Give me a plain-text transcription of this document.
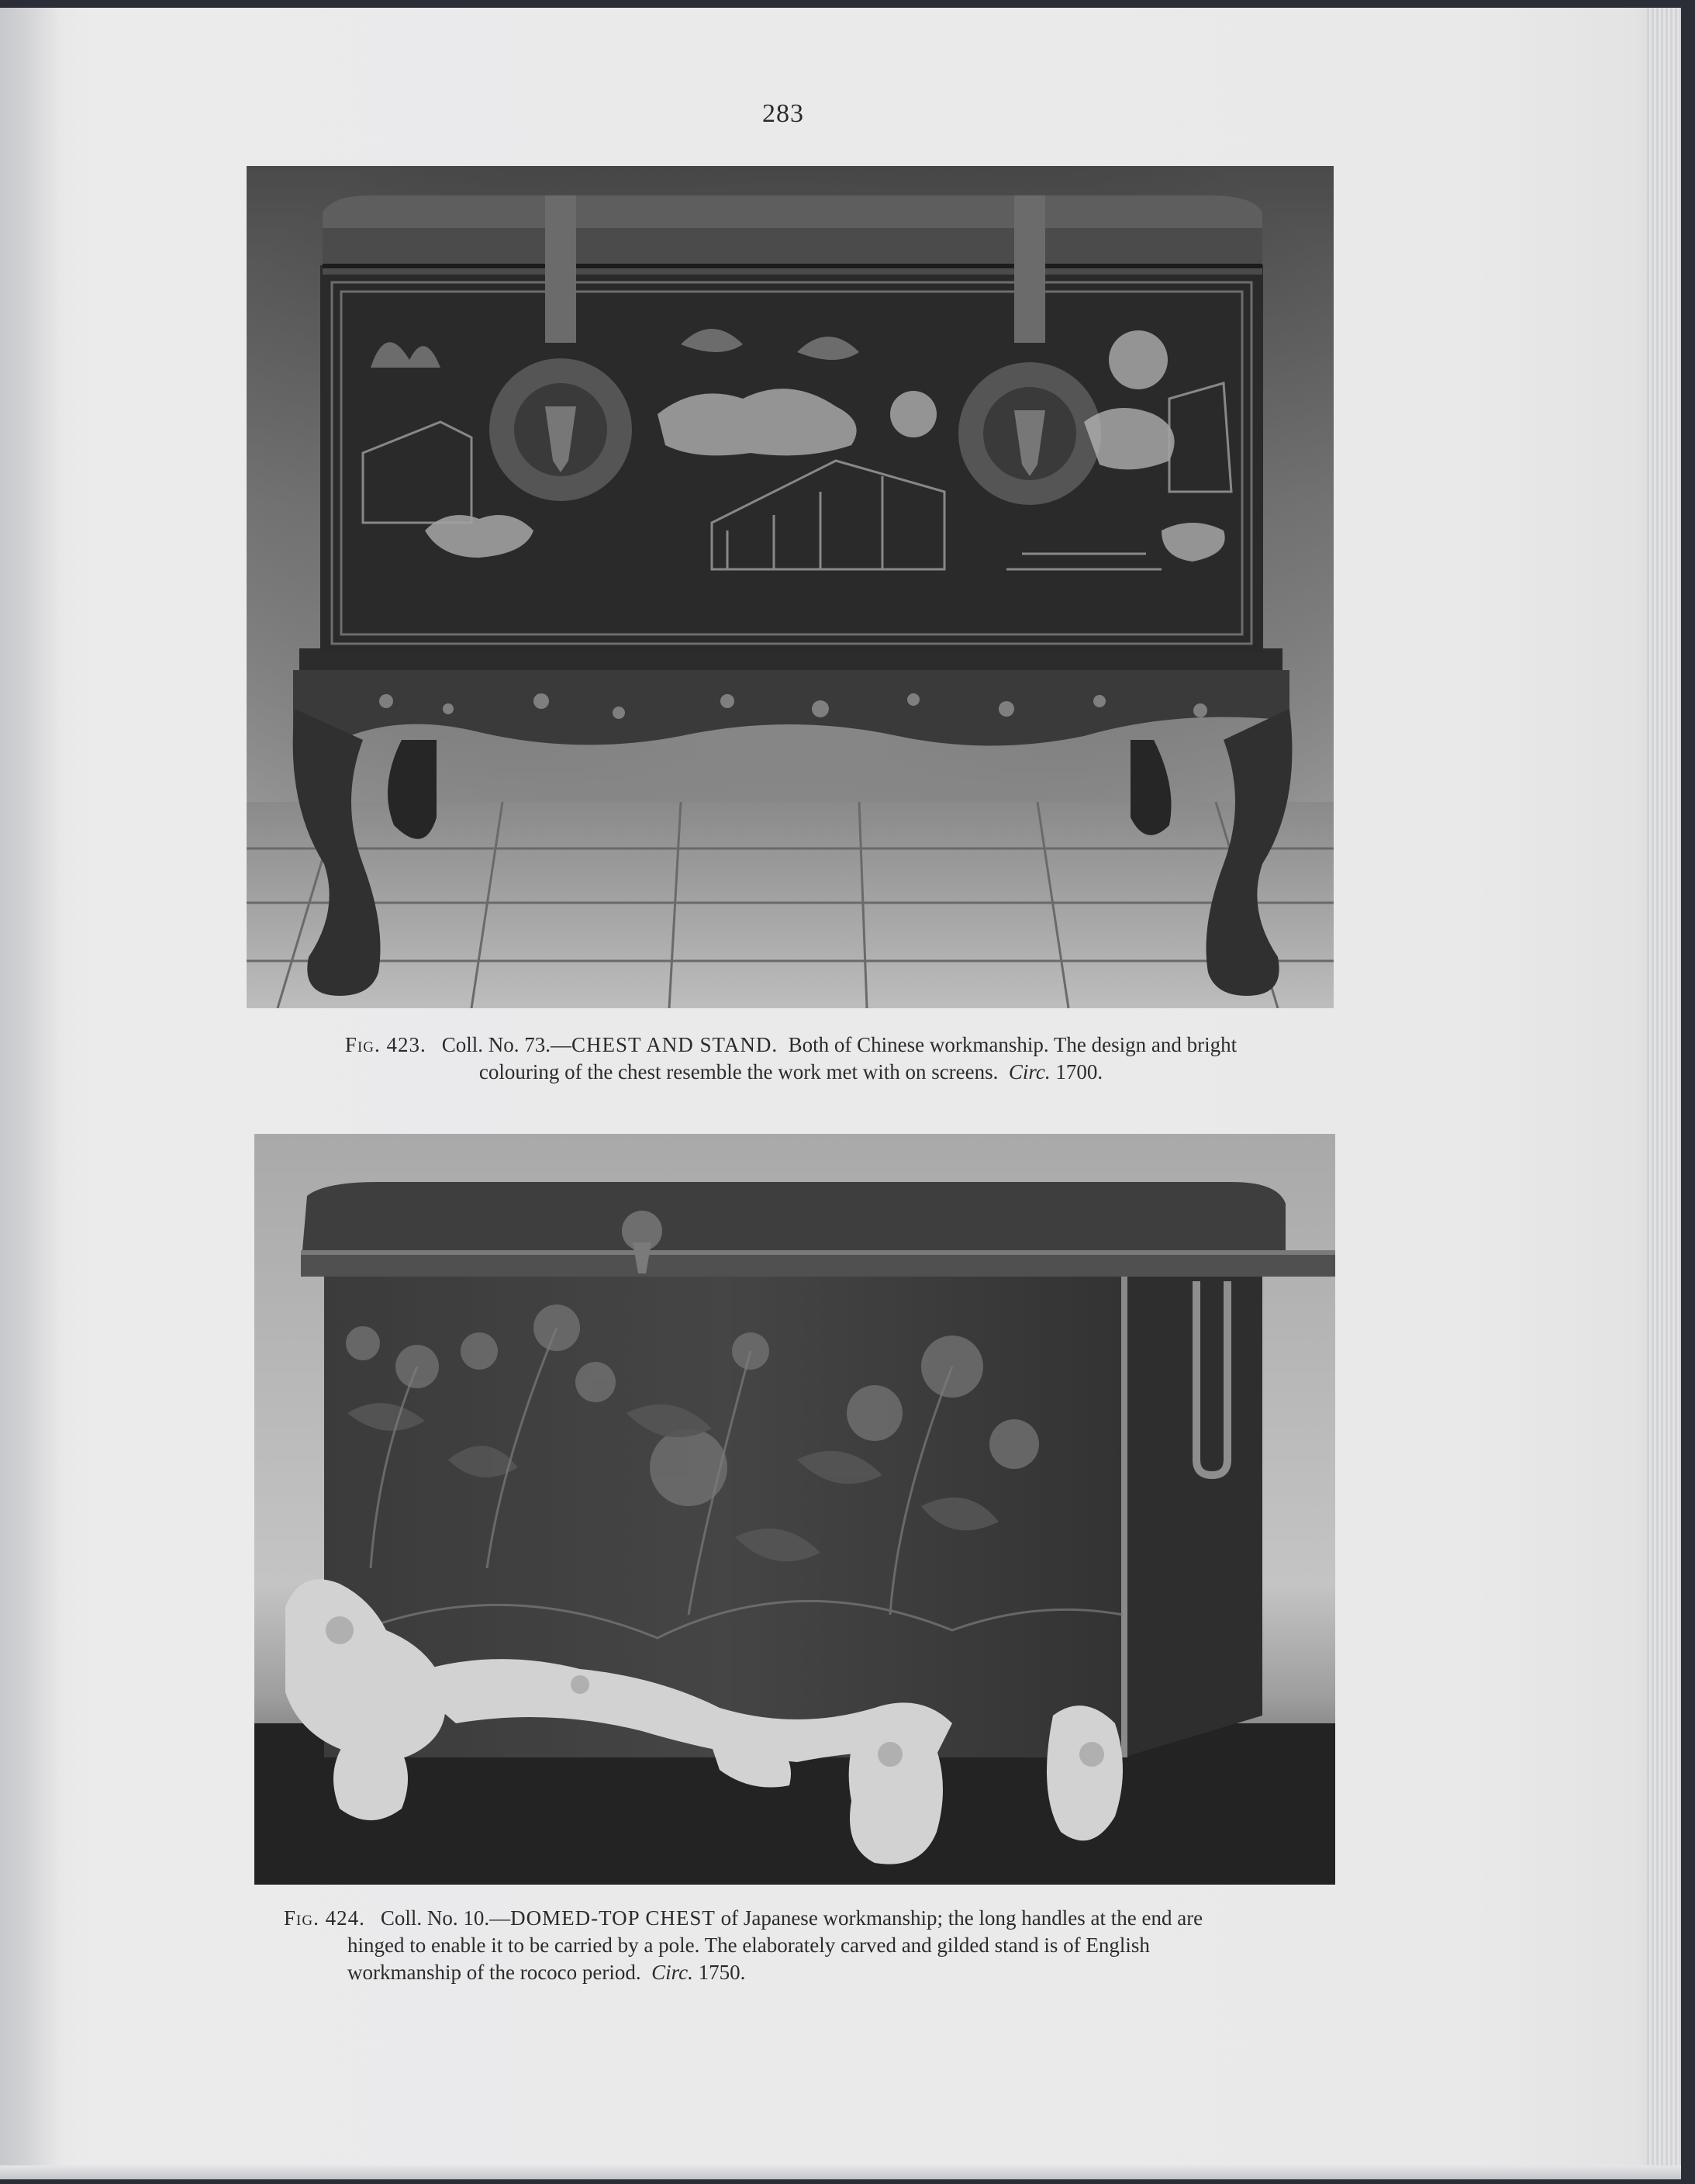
283
Fig. 423. Coll. No. 73.—CHEST AND STAND. Both of Chinese workmanship. The design and bright
colouring of the chest resemble the work met with on screens. Circ. 1700.
Fig. 424. Coll. No. 10.—DOMED-TOP CHEST of Japanese workmanship; the long handles at the end are
hinged to enable it to be carried by a pole. The elaborately carved and gilded stand is of English
workmanship of the rococo period. Circ. 1750.
